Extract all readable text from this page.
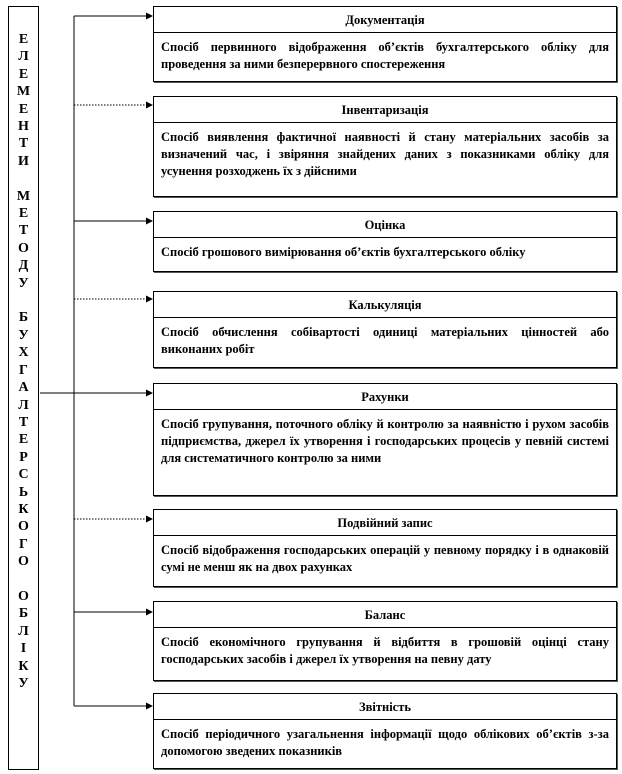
Е
Л
Е
М
Е
Н
Т
И
М
Е
Т
О
Д
У
Б
У
Х
Г
А
Л
Т
Е
Р
С
Ь
К
О
Г
О
О
Б
Л
І
К
У
Документація
Спосіб первинного відображення об’єктів бухгалтерського обліку для проведення за ними безперервного спостереження
Інвентаризація
Спосіб виявлення фактичної наявності й стану матеріальних засобів за визначений час, і звіряння знайдених даних з показниками обліку для усунення розходжень їх з дійсними
Оцінка
Спосіб грошового вимірювання об’єктів бухгалтерського обліку
Калькуляція
Спосіб обчислення собівартості одиниці матеріальних цінностей або виконаних робіт
Рахунки
Спосіб групування, поточного обліку й контролю за наявністю і рухом засобів підприємства, джерел їх утворення і господарських процесів у певній системі для систематичного контролю за ними
Подвійний запис
Спосіб відображення господарських операцій у певному порядку і в однаковій сумі не менш як на двох рахунках
Баланс
Спосіб економічного групування й відбиття в грошовій оцінці стану господарських засобів і джерел їх утворення на певну дату
Звітність
Спосіб періодичного узагальнення інформації щодо облікових об’єктів з-за допомогою зведених показників
